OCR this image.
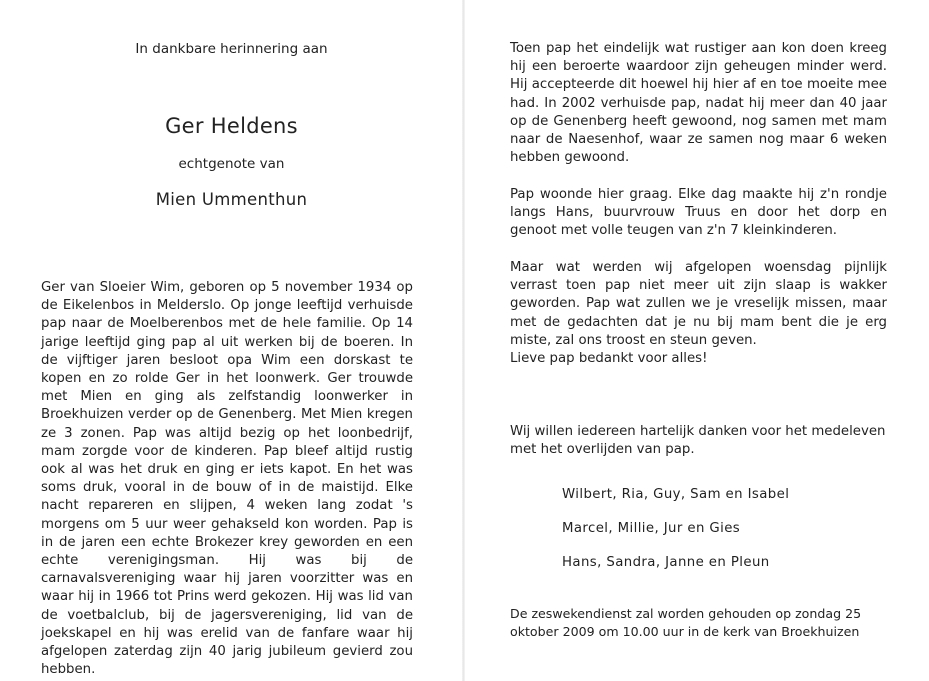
In dankbare herinnering aan
Ger Heldens
echtgenote van
Mien Ummenthun

Ger van Sloeier Wim, geboren op 5 november 1934 op de Eikelenbos in Melderslo. Op jonge leeftijd verhuisde pap naar de Moelberenbos met de hele familie. Op 14 jarige leeftijd ging pap al uit werken bij de boeren. In de vijftiger jaren besloot opa Wim een dorskast te kopen en zo rolde Ger in het loonwerk. Ger trouwde met Mien en ging als zelfstandig loonwerker in Broekhuizen verder op de Genenberg. Met Mien kregen ze 3 zonen. Pap was altijd bezig op het loonbedrijf, mam zorgde voor de kinderen. Pap bleef altijd rustig ook al was het druk en ging er iets kapot. En het was soms druk, vooral in de bouw of in de maistijd. Elke nacht repareren en slijpen, 4 weken lang zodat 's morgens om 5 uur weer gehakseld kon worden. Pap is in de jaren een echte Brokezer krey geworden en een echte verenigingsman. Hij was bij de carnavalsvereniging waar hij jaren voorzitter was en waar hij in 1966 tot Prins werd gekozen. Hij was lid van de voetbalclub, bij de jagersvereniging, lid van de joekskapel en hij was erelid van de fanfare waar hij afgelopen zaterdag zijn 40 jarig jubileum gevierd zou hebben.

Toen pap het eindelijk wat rustiger aan kon doen kreeg hij een beroerte waardoor zijn geheugen minder werd. Hij accepteerde dit hoewel hij hier af en toe moeite mee had. In 2002 verhuisde pap, nadat hij meer dan 40 jaar op de Genenberg heeft gewoond, nog samen met mam naar de Naesenhof, waar ze samen nog maar 6 weken hebben gewoond.

Pap woonde hier graag. Elke dag maakte hij z'n rondje langs Hans, buurvrouw Truus en door het dorp en genoot met volle teugen van z'n 7 kleinkinderen.

Maar wat werden wij afgelopen woensdag pijnlijk verrast toen pap niet meer uit zijn slaap is wakker geworden. Pap wat zullen we je vreselijk missen, maar met de gedachten dat je nu bij mam bent die je erg miste, zal ons troost en steun geven.

Lieve pap bedankt voor alles!

Wij willen iedereen hartelijk danken voor het medeleven met het overlijden van pap.

Wilbert, Ria, Guy, Sam en Isabel
Marcel, Millie, Jur en Gies
Hans, Sandra, Janne en Pleun

De zeswekendienst zal worden gehouden op zondag 25 oktober 2009 om 10.00 uur in de kerk van Broekhuizen
